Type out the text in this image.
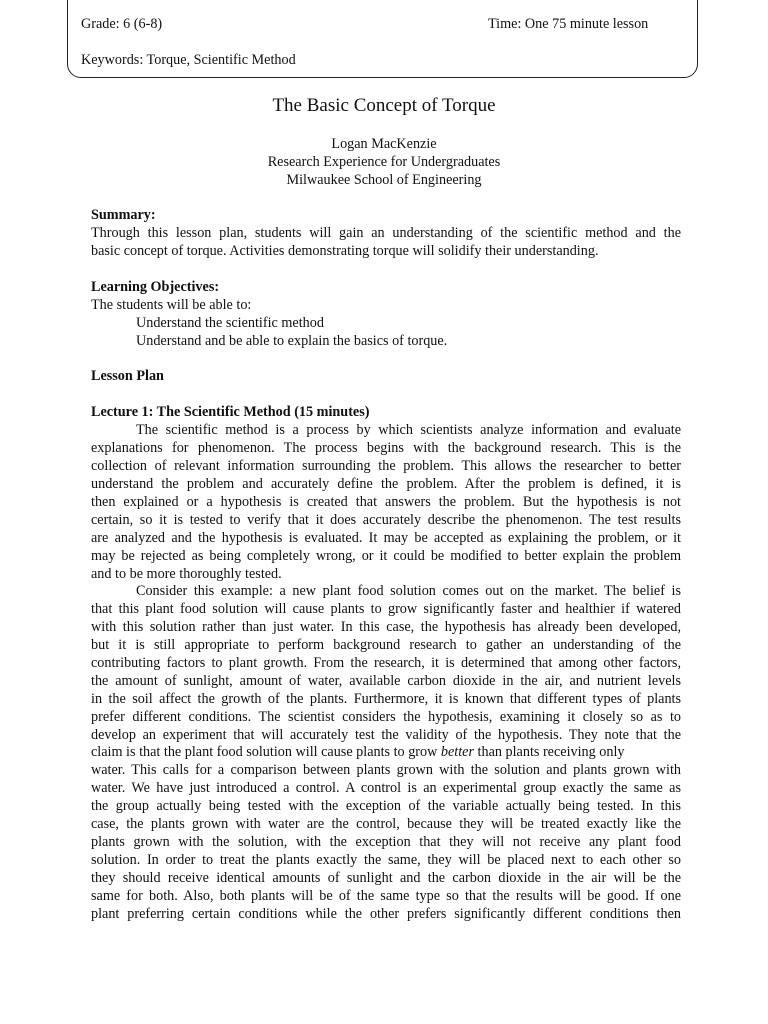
Grade: 6 (6-8)	Time: One 75 minute lesson
Keywords: Torque, Scientific Method
The Basic Concept of Torque
Logan MacKenzie
Research Experience for Undergraduates
Milwaukee School of Engineering
Summary:
Through this lesson plan, students will gain an understanding of the scientific method and the
basic concept of torque. Activities demonstrating torque will solidify their understanding.
Learning Objectives:
The students will be able to:
Understand the scientific method
Understand and be able to explain the basics of torque.
Lesson Plan
Lecture 1: The Scientific Method (15 minutes)
The scientific method is a process by which scientists analyze information and evaluate
explanations for phenomenon. The process begins with the background research. This is the
collection of relevant information surrounding the problem. This allows the researcher to better
understand the problem and accurately define the problem. After the problem is defined, it is
then explained or a hypothesis is created that answers the problem. But the hypothesis is not
certain, so it is tested to verify that it does accurately describe the phenomenon. The test results
are analyzed and the hypothesis is evaluated. It may be accepted as explaining the problem, or it
may be rejected as being completely wrong, or it could be modified to better explain the problem
and to be more thoroughly tested.
Consider this example: a new plant food solution comes out on the market. The belief is
that this plant food solution will cause plants to grow significantly faster and healthier if watered
with this solution rather than just water. In this case, the hypothesis has already been developed,
but it is still appropriate to perform background research to gather an understanding of the
contributing factors to plant growth. From the research, it is determined that among other factors,
the amount of sunlight, amount of water, available carbon dioxide in the air, and nutrient levels
in the soil affect the growth of the plants. Furthermore, it is known that different types of plants
prefer different conditions. The scientist considers the hypothesis, examining it closely so as to
develop an experiment that will accurately test the validity of the hypothesis. They note that the
claim is that the plant food solution will cause plants to grow better than plants receiving only
water. This calls for a comparison between plants grown with the solution and plants grown with
water. We have just introduced a control. A control is an experimental group exactly the same as
the group actually being tested with the exception of the variable actually being tested. In this
case, the plants grown with water are the control, because they will be treated exactly like the
plants grown with the solution, with the exception that they will not receive any plant food
solution. In order to treat the plants exactly the same, they will be placed next to each other so
they should receive identical amounts of sunlight and the carbon dioxide in the air will be the
same for both. Also, both plants will be of the same type so that the results will be good. If one
plant preferring certain conditions while the other prefers significantly different conditions then
